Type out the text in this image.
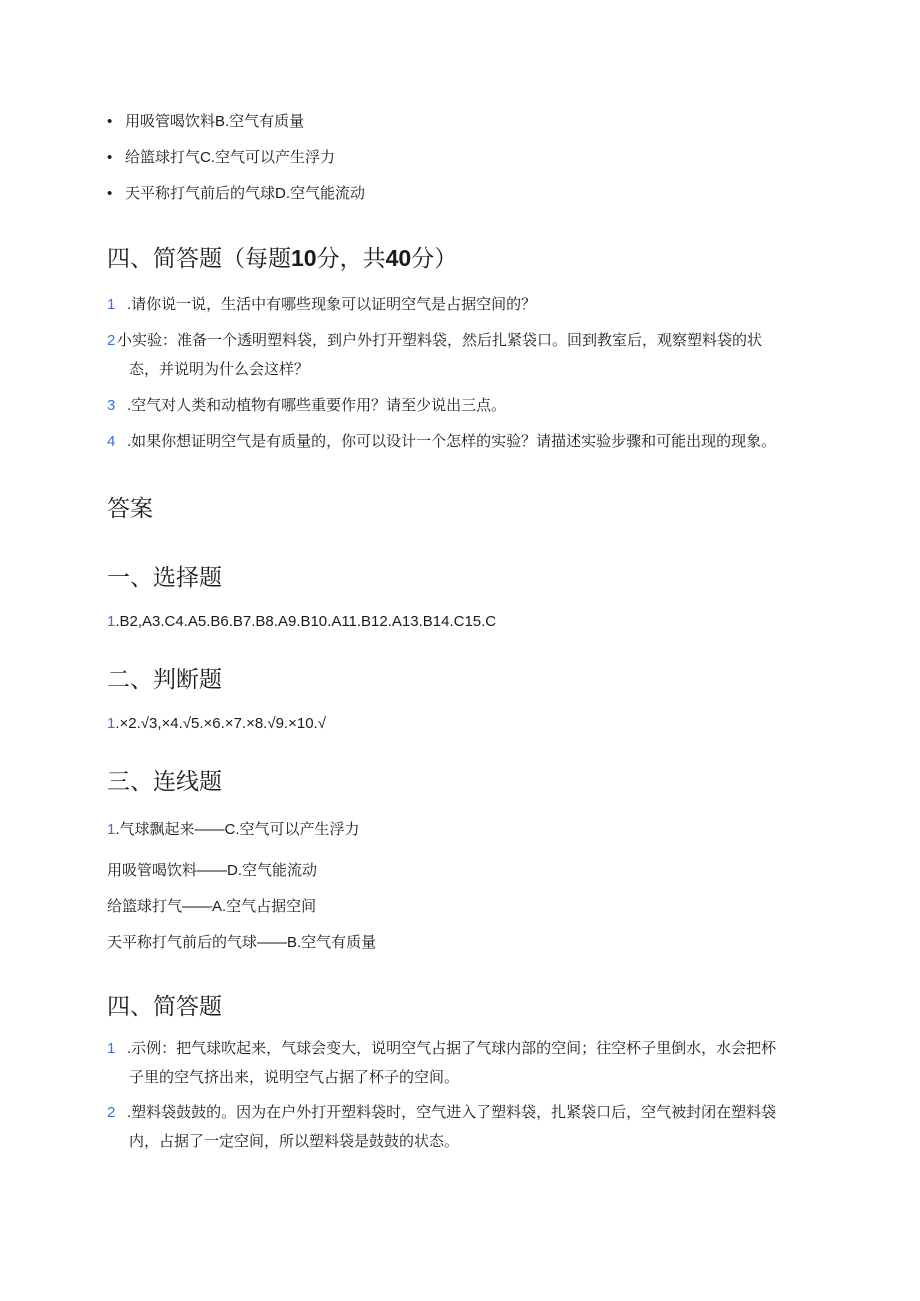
• 用吸管喝饮料B.空气有质量
• 给篮球打气C.空气可以产生浮力
• 天平称打气前后的气球D.空气能流动
四、简答题（每题10分，共40分）
1 .请你说一说，生活中有哪些现象可以证明空气是占据空间的？
2 小实验：准备一个透明塑料袋，到户外打开塑料袋，然后扎紧袋口。回到教室后，观察塑料袋的状
态，并说明为什么会这样？
3 .空气对人类和动植物有哪些重要作用？请至少说出三点。
4 .如果你想证明空气是有质量的，你可以设计一个怎样的实验？请描述实验步骤和可能出现的现象。
答案
一、选择题
1.B2,A3.C4.A5.B6.B7.B8.A9.B10.A11.B12.A13.B14.C15.C
二、判断题
1.×2.√3,×4.√5.×6.×7.×8.√9.×10.√
三、连线题
1.气球飘起来——C.空气可以产生浮力
用吸管喝饮料——D.空气能流动
给篮球打气——A.空气占据空间
天平称打气前后的气球——B.空气有质量
四、简答题
1 .示例：把气球吹起来，气球会变大，说明空气占据了气球内部的空间；往空杯子里倒水，水会把杯
子里的空气挤出来，说明空气占据了杯子的空间。
2 .塑料袋鼓鼓的。因为在户外打开塑料袋时，空气进入了塑料袋，扎紧袋口后，空气被封闭在塑料袋
内，占据了一定空间，所以塑料袋是鼓鼓的状态。
